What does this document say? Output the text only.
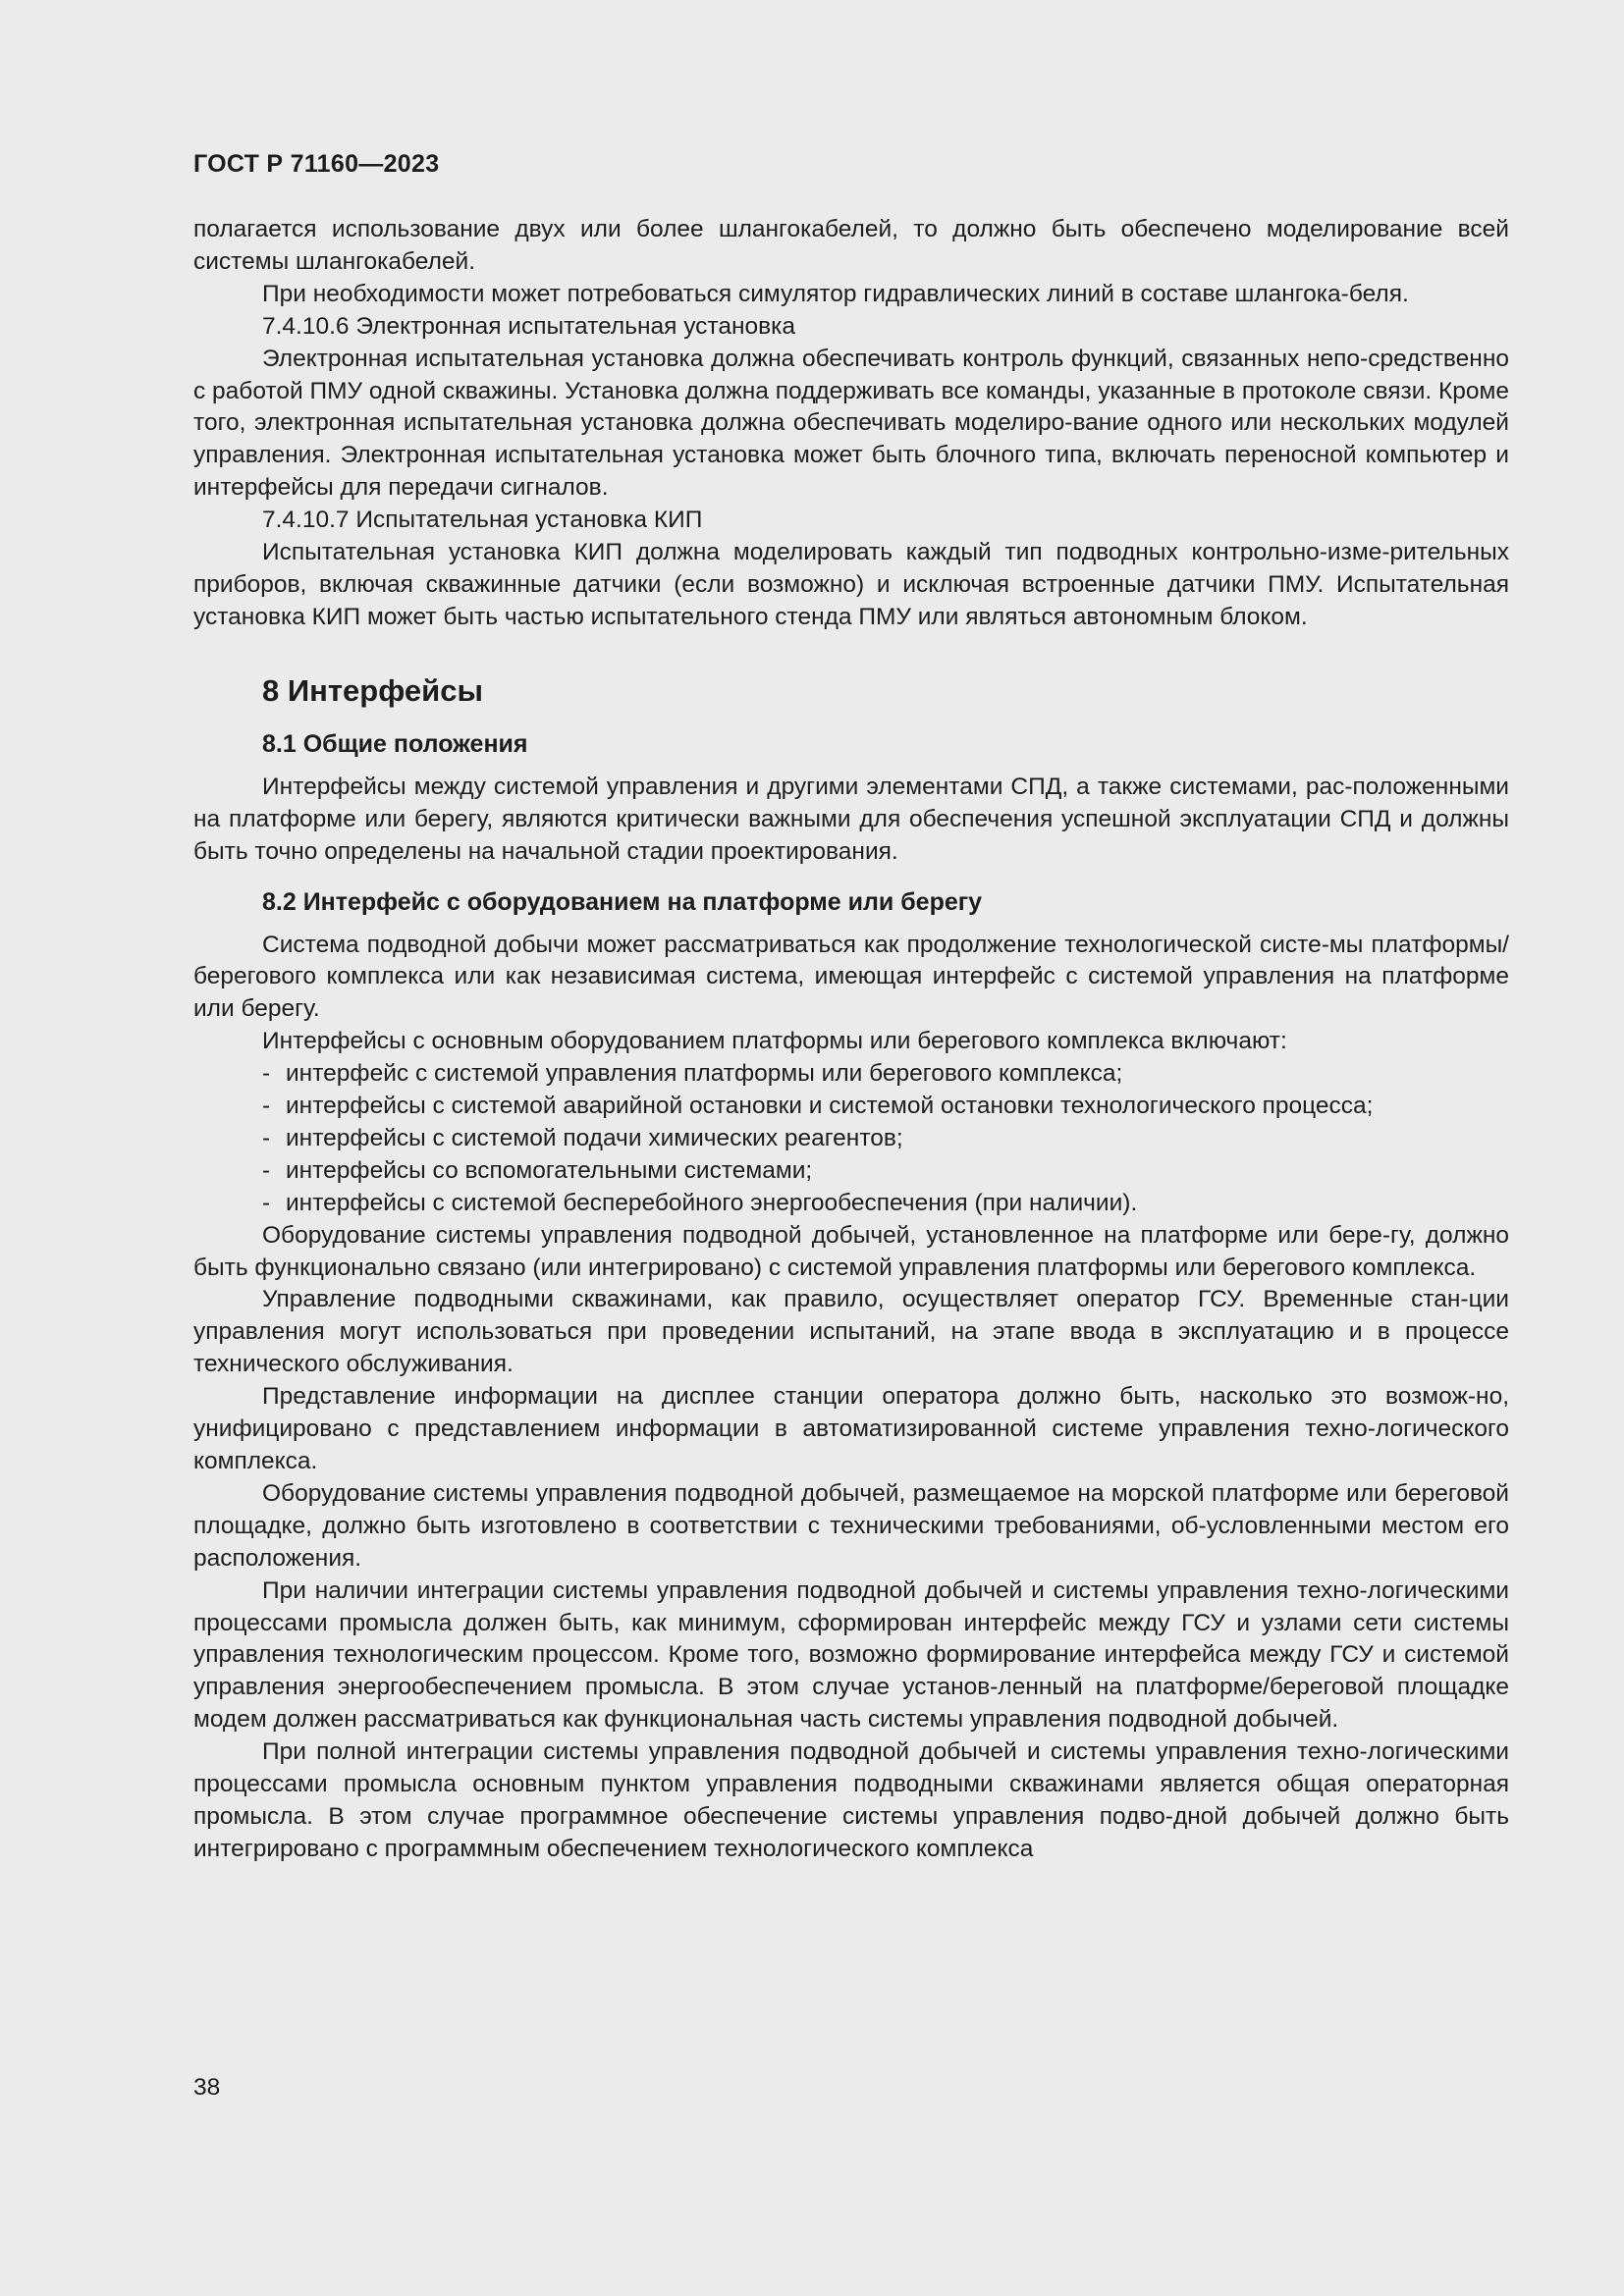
ГОСТ Р 71160—2023

полагается использование двух или более шлангокабелей, то должно быть обеспечено моделирование всей системы шлангокабелей.

При необходимости может потребоваться симулятор гидравлических линий в составе шлангока-беля.

7.4.10.6 Электронная испытательная установка

Электронная испытательная установка должна обеспечивать контроль функций, связанных непо-средственно с работой ПМУ одной скважины. Установка должна поддерживать все команды, указанные в протоколе связи. Кроме того, электронная испытательная установка должна обеспечивать моделиро-вание одного или нескольких модулей управления. Электронная испытательная установка может быть блочного типа, включать переносной компьютер и интерфейсы для передачи сигналов.

7.4.10.7 Испытательная установка КИП

Испытательная установка КИП должна моделировать каждый тип подводных контрольно-изме-рительных приборов, включая скважинные датчики (если возможно) и исключая встроенные датчики ПМУ. Испытательная установка КИП может быть частью испытательного стенда ПМУ или являться автономным блоком.

8 Интерфейсы
8.1 Общие положения

Интерфейсы между системой управления и другими элементами СПД, а также системами, рас-положенными на платформе или берегу, являются критически важными для обеспечения успешной эксплуатации СПД и должны быть точно определены на начальной стадии проектирования.

8.2 Интерфейс с оборудованием на платформе или берегу

Система подводной добычи может рассматриваться как продолжение технологической систе-мы платформы/берегового комплекса или как независимая система, имеющая интерфейс с системой управления на платформе или берегу.

Интерфейсы с основным оборудованием платформы или берегового комплекса включают:

- интерфейс с системой управления платформы или берегового комплекса;
- интерфейсы с системой аварийной остановки и системой остановки технологического процесса;
- интерфейсы с системой подачи химических реагентов;
- интерфейсы со вспомогательными системами;
- интерфейсы с системой бесперебойного энергообеспечения (при наличии).

Оборудование системы управления подводной добычей, установленное на платформе или бере-гу, должно быть функционально связано (или интегрировано) с системой управления платформы или берегового комплекса.

Управление подводными скважинами, как правило, осуществляет оператор ГСУ. Временные стан-ции управления могут использоваться при проведении испытаний, на этапе ввода в эксплуатацию и в процессе технического обслуживания.

Представление информации на дисплее станции оператора должно быть, насколько это возмож-но, унифицировано с представлением информации в автоматизированной системе управления техно-логического комплекса.

Оборудование системы управления подводной добычей, размещаемое на морской платформе или береговой площадке, должно быть изготовлено в соответствии с техническими требованиями, об-условленными местом его расположения.

При наличии интеграции системы управления подводной добычей и системы управления техно-логическими процессами промысла должен быть, как минимум, сформирован интерфейс между ГСУ и узлами сети системы управления технологическим процессом. Кроме того, возможно формирование интерфейса между ГСУ и системой управления энергообеспечением промысла. В этом случае установ-ленный на платформе/береговой площадке модем должен рассматриваться как функциональная часть системы управления подводной добычей.

При полной интеграции системы управления подводной добычей и системы управления техно-логическими процессами промысла основным пунктом управления подводными скважинами является общая операторная промысла. В этом случае программное обеспечение системы управления подво-дной добычей должно быть интегрировано с программным обеспечением технологического комплекса

38
